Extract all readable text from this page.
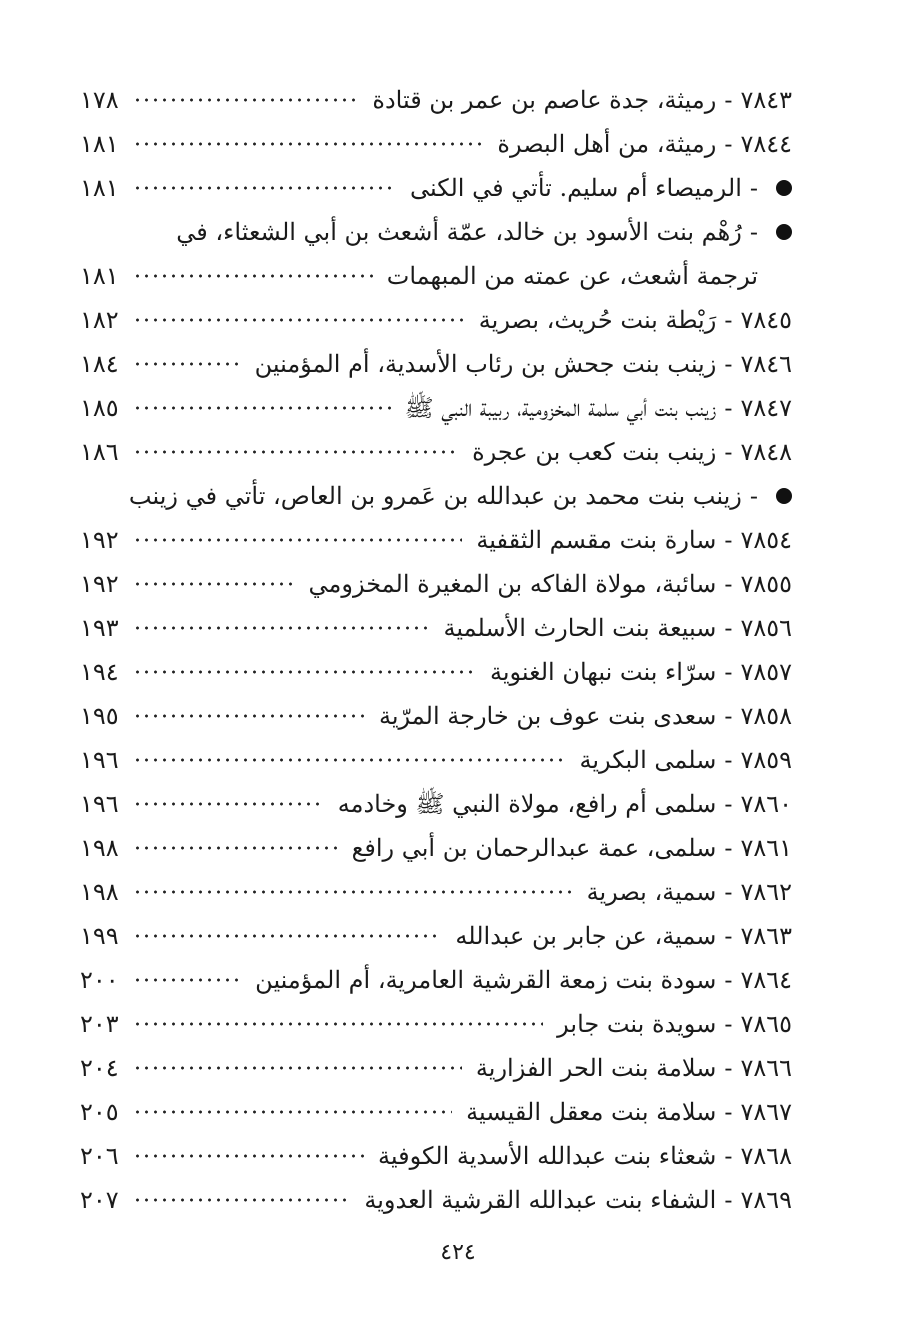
٧٨٤٣
-
رميثة، جدة عاصم بن عمر بن قتادة
١٧٨
٧٨٤٤
-
رميثة، من أهل البصرة
١٨١
-
الرميصاء أم سليم. تأتي في الكنى
١٨١
-
رُهْم بنت الأسود بن خالد، عمّة أشعث بن أبي الشعثاء، في
ترجمة أشعث، عن عمته من المبهمات
١٨١
٧٨٤٥
-
رَيْطة بنت حُريث، بصرية
١٨٢
٧٨٤٦
-
زينب بنت جحش بن رئاب الأسدية، أم المؤمنين
١٨٤
٧٨٤٧
-
زينب بنت أبي سلمة المخزومية، ربيبة النبي ﷺ
١٨٥
٧٨٤٨
-
زينب بنت كعب بن عجرة
١٨٦
-
زينب بنت محمد بن عبدالله بن عَمرو بن العاص، تأتي في زينب
٧٨٥٤
-
سارة بنت مقسم الثقفية
١٩٢
٧٨٥٥
-
سائبة، مولاة الفاكه بن المغيرة المخزومي
١٩٢
٧٨٥٦
-
سبيعة بنت الحارث الأسلمية
١٩٣
٧٨٥٧
-
سرّاء بنت نبهان الغنوية
١٩٤
٧٨٥٨
-
سعدى بنت عوف بن خارجة المرّية
١٩٥
٧٨٥٩
-
سلمى البكرية
١٩٦
٧٨٦٠
-
سلمى أم رافع، مولاة النبي ﷺ وخادمه
١٩٦
٧٨٦١
-
سلمى، عمة عبدالرحمان بن أبي رافع
١٩٨
٧٨٦٢
-
سمية، بصرية
١٩٨
٧٨٦٣
-
سمية، عن جابر بن عبدالله
١٩٩
٧٨٦٤
-
سودة بنت زمعة القرشية العامرية، أم المؤمنين
٢٠٠
٧٨٦٥
-
سويدة بنت جابر
٢٠٣
٧٨٦٦
-
سلامة بنت الحر الفزارية
٢٠٤
٧٨٦٧
-
سلامة بنت معقل القيسية
٢٠٥
٧٨٦٨
-
شعثاء بنت عبدالله الأسدية الكوفية
٢٠٦
٧٨٦٩
-
الشفاء بنت عبدالله القرشية العدوية
٢٠٧
٤٢٤
